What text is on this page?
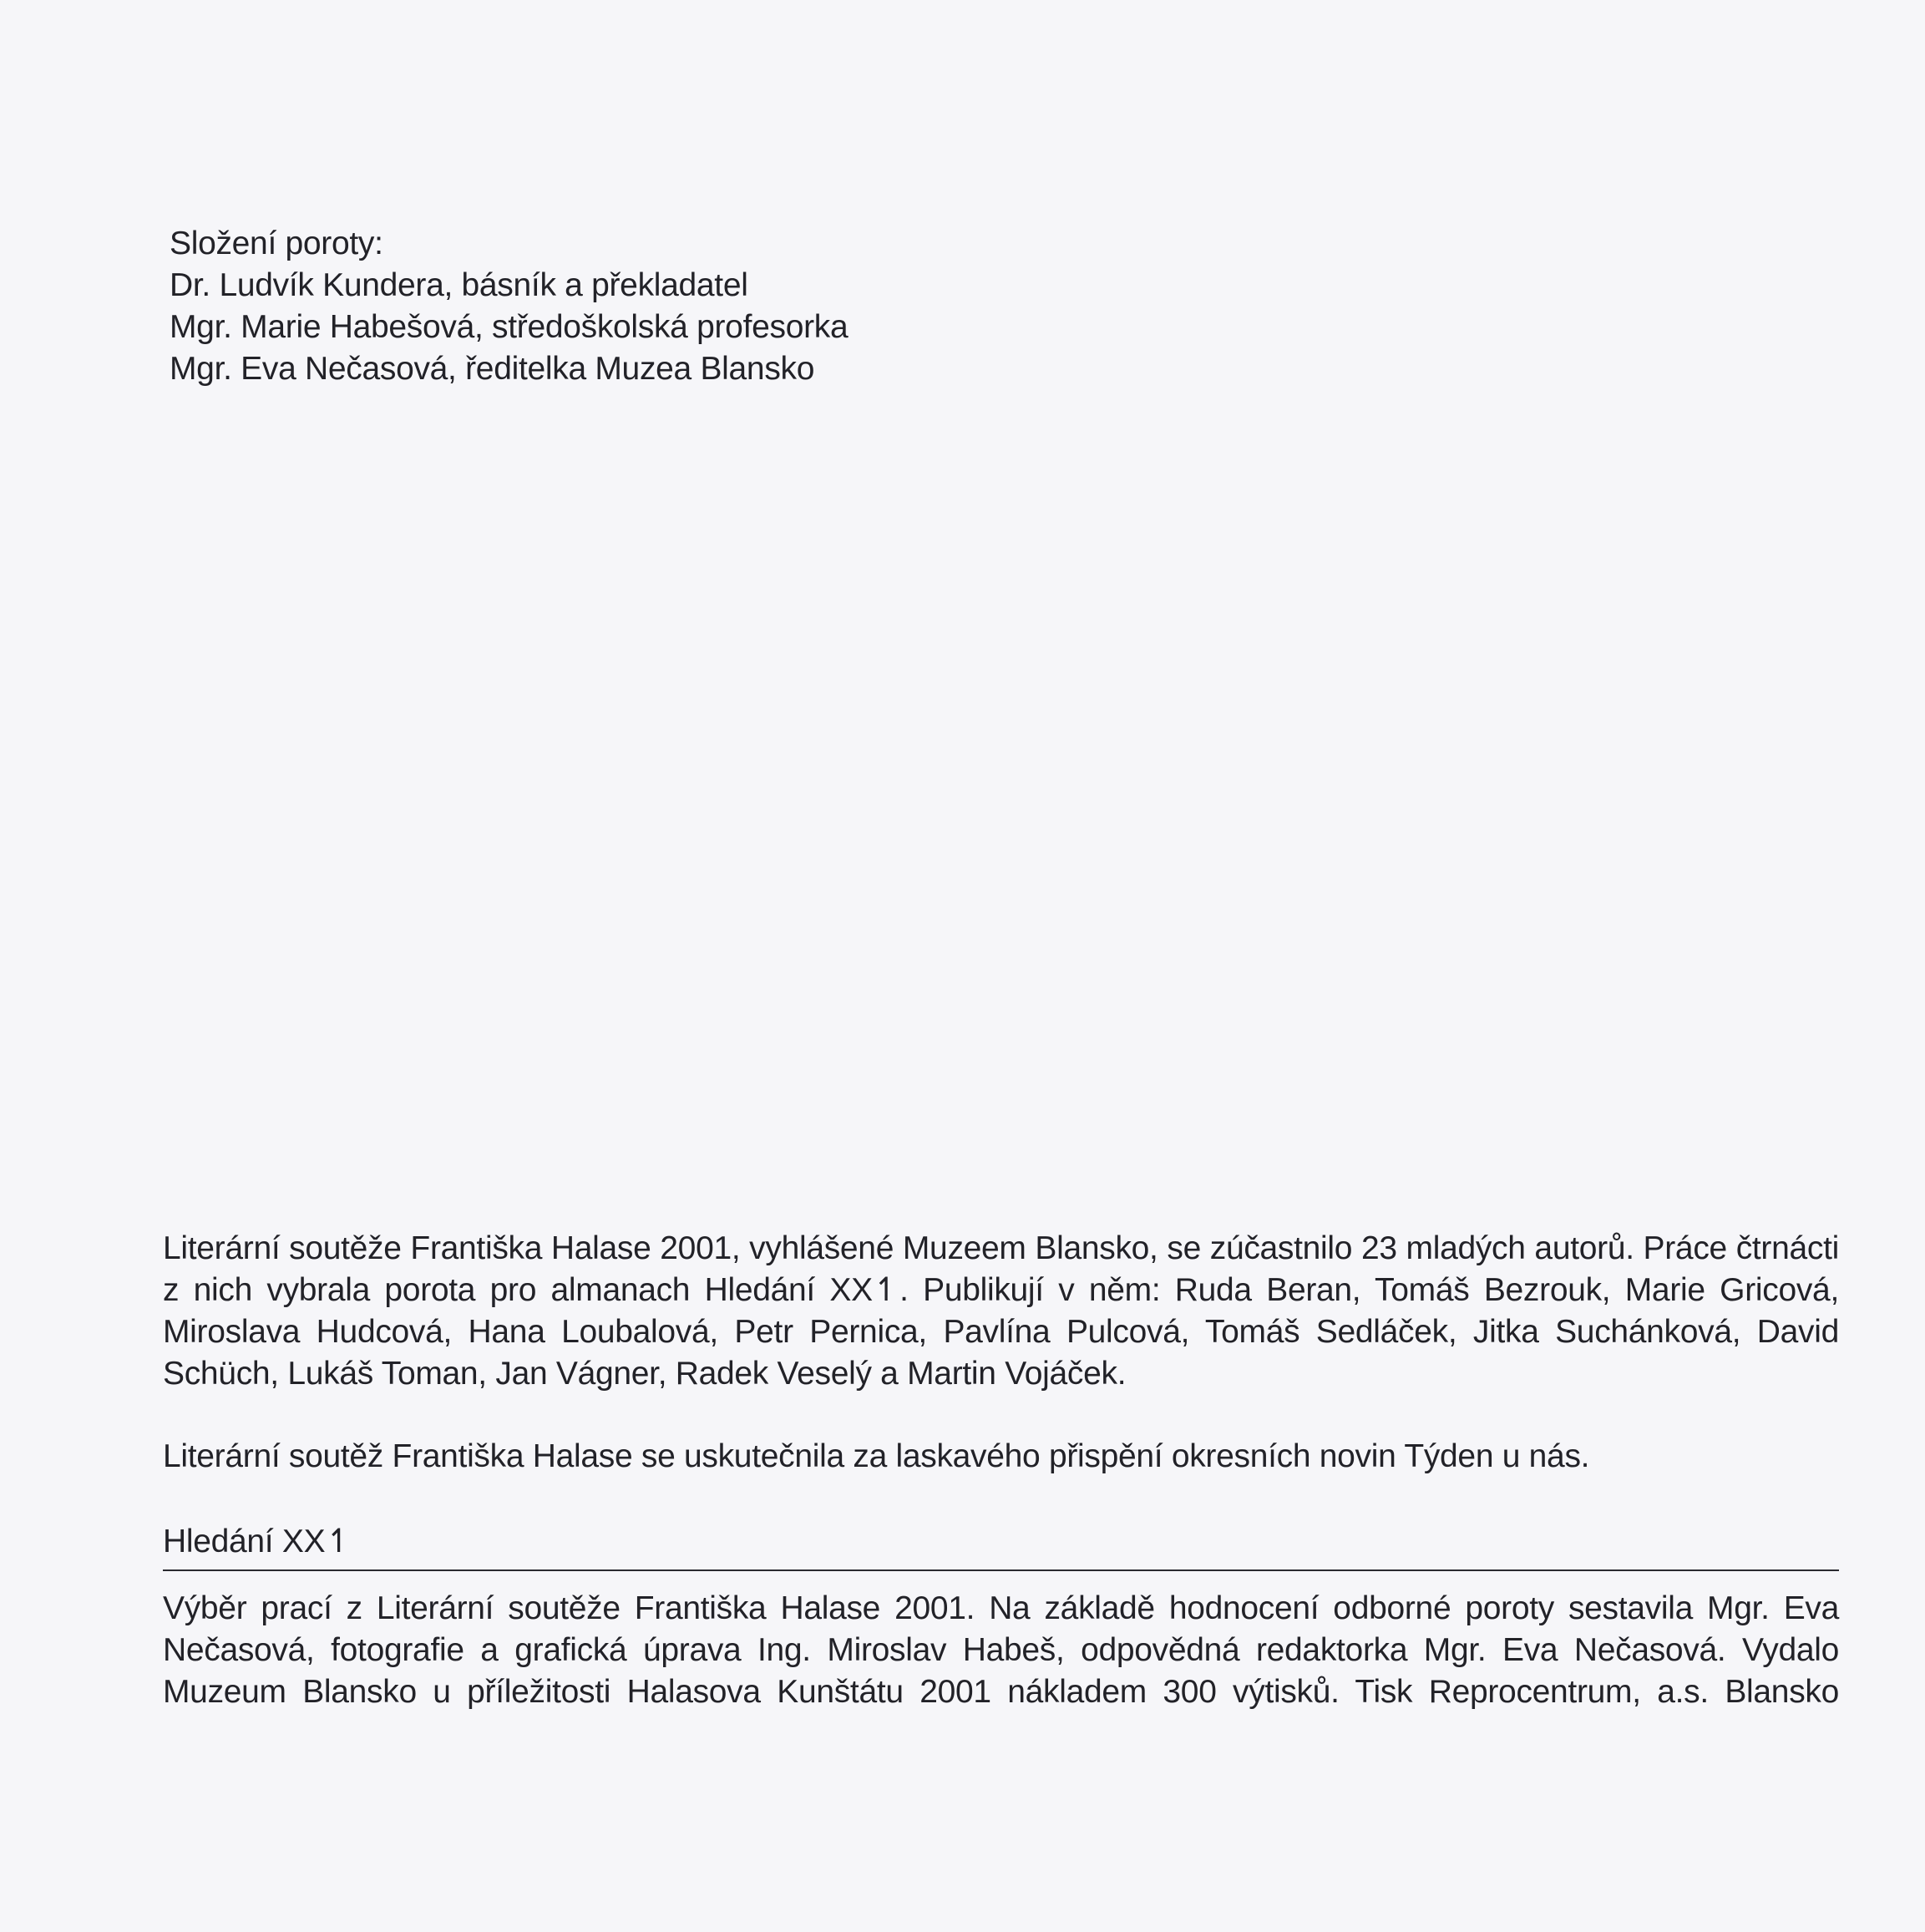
Složení poroty:
Dr. Ludvík Kundera, básník a překladatel
Mgr. Marie Habešová, středoškolská profesorka
Mgr. Eva Nečasová, ředitelka Muzea Blansko

Literární soutěže Františka Halase 2001, vyhlášené Muzeem Blansko, se zúčastnilo 23 mladých autorů. Práce čtrnácti z nich vybrala porota pro almanach Hledání XX↿. Publikují v něm: Ruda Beran, Tomáš Bezrouk, Marie Gricová, Miroslava Hudcová, Hana Loubalová, Petr Pernica, Pavlína Pulcová, Tomáš Sedláček, Jitka Suchánková, David Schüch, Lukáš Toman, Jan Vágner, Radek Veselý a Martin Vojáček.

Literární soutěž Františka Halase se uskutečnila za laskavého přispění okresních novin Týden u nás.

Hledání XX↿

Výběr prací z Literární soutěže Františka Halase 2001. Na základě hodnocení odborné poroty sestavila Mgr. Eva Nečasová, fotografie a grafická úprava Ing. Miroslav Habeš, odpovědná redaktorka Mgr. Eva Nečasová. Vydalo Muzeum Blansko u příležitosti Halasova Kunštátu 2001 nákladem 300 výtisků. Tisk Reprocentrum, a.s. Blansko
